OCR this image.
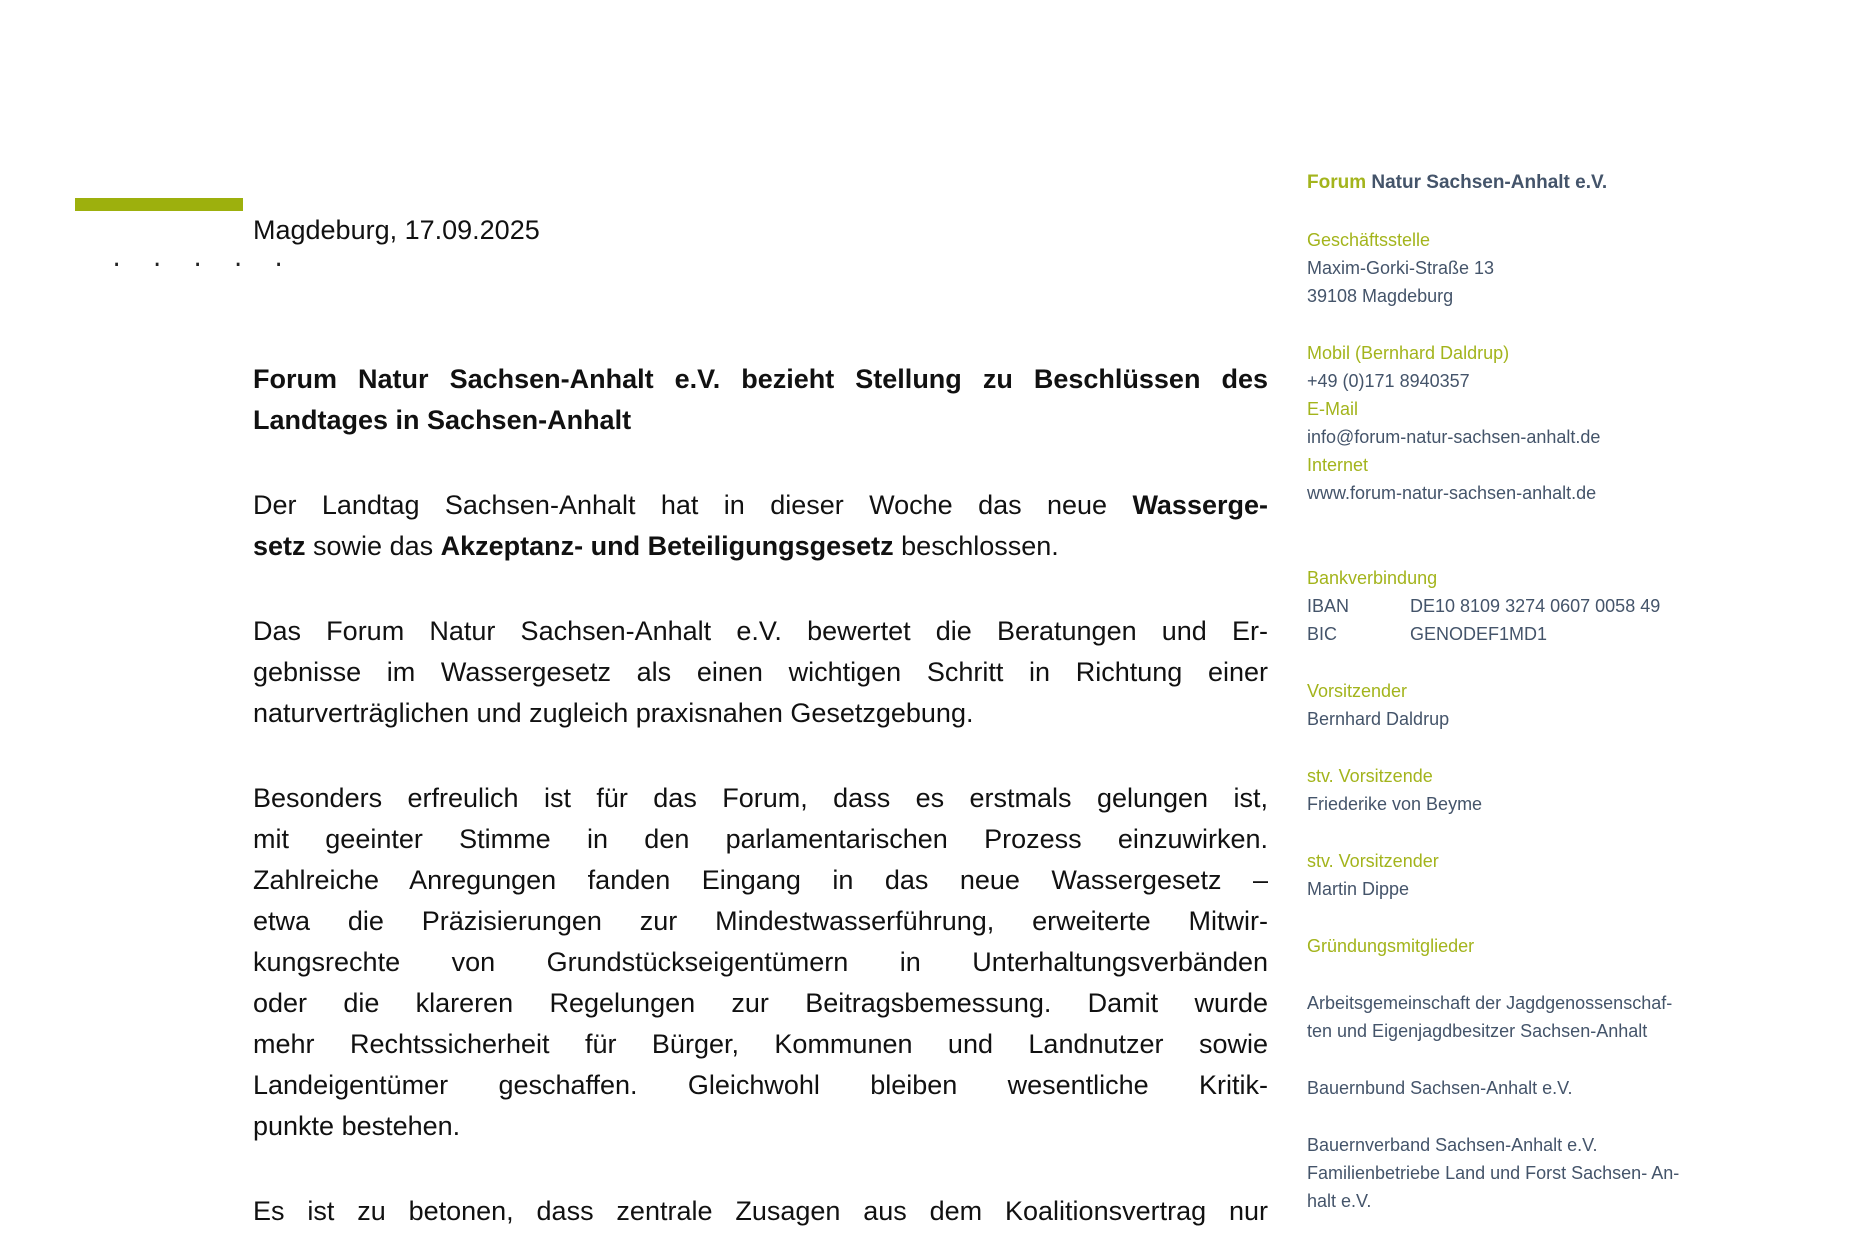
. . . . .
Magdeburg, 17.09.2025
Forum Natur Sachsen-Anhalt e.V. bezieht Stellung zu Beschlüssen des
Landtages in Sachsen-Anhalt
Der Landtag Sachsen-Anhalt hat in dieser Woche das neue Wasserge-
setz sowie das Akzeptanz- und Beteiligungsgesetz beschlossen.
Das Forum Natur Sachsen-Anhalt e.V. bewertet die Beratungen und Er-
gebnisse im Wassergesetz als einen wichtigen Schritt in Richtung einer
naturverträglichen und zugleich praxisnahen Gesetzgebung.
Besonders erfreulich ist für das Forum, dass es erstmals gelungen ist,
mit geeinter Stimme in den parlamentarischen Prozess einzuwirken.
Zahlreiche Anregungen fanden Eingang in das neue Wassergesetz –
etwa die Präzisierungen zur Mindestwasserführung, erweiterte Mitwir-
kungsrechte von Grundstückseigentümern in Unterhaltungsverbänden
oder die klareren Regelungen zur Beitragsbemessung. Damit wurde
mehr Rechtssicherheit für Bürger, Kommunen und Landnutzer sowie
Landeigentümer geschaffen. Gleichwohl bleiben wesentliche Kritik-
punkte bestehen.
Es ist zu betonen, dass zentrale Zusagen aus dem Koalitionsvertrag nur
Forum Natur Sachsen-Anhalt e.V.
Geschäftsstelle
Maxim-Gorki-Straße 13
39108 Magdeburg
Mobil (Bernhard Daldrup)
+49 (0)171 8940357
E-Mail
info@forum-natur-sachsen-anhalt.de
Internet
www.forum-natur-sachsen-anhalt.de
Bankverbindung
IBAN	DE10 8109 3274 0607 0058 49
BIC	GENODEF1MD1
Vorsitzender
Bernhard Daldrup
stv. Vorsitzende
Friederike von Beyme
stv. Vorsitzender
Martin Dippe
Gründungsmitglieder
Arbeitsgemeinschaft der Jagdgenossenschaf-
ten und Eigenjagdbesitzer Sachsen-Anhalt
Bauernbund Sachsen-Anhalt e.V.
Bauernverband Sachsen-Anhalt e.V.
Familienbetriebe Land und Forst Sachsen- An-
halt e.V.
